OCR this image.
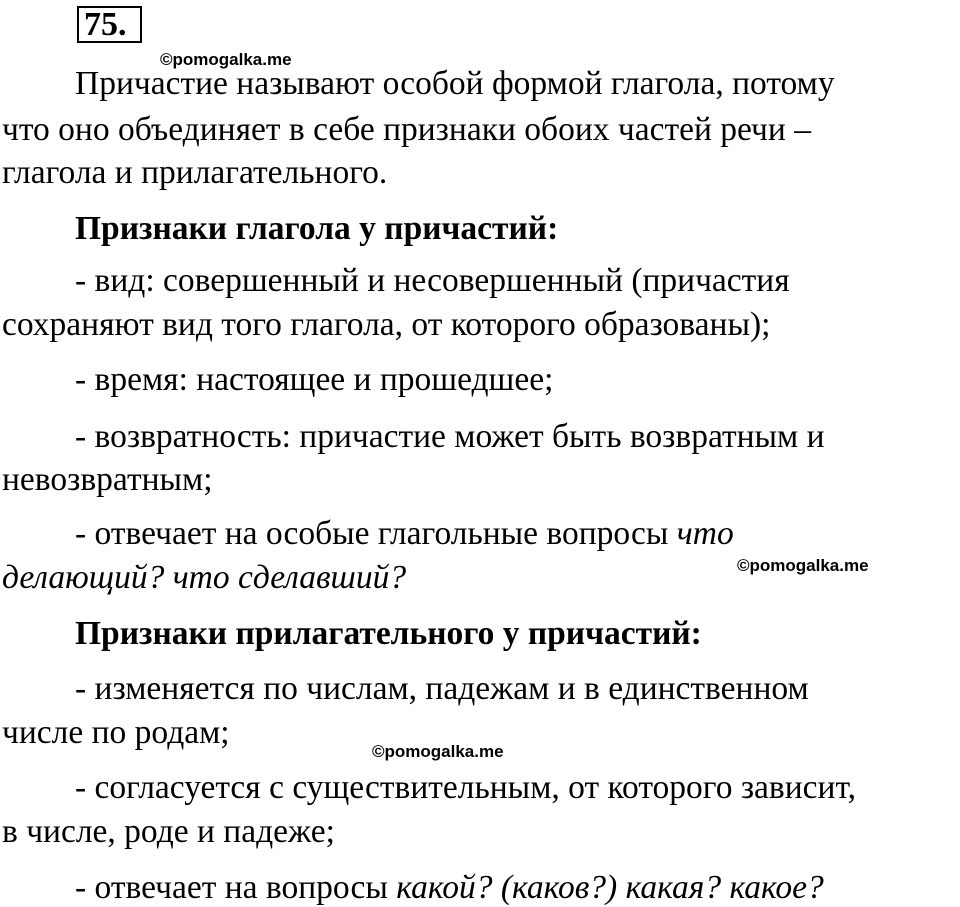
75.
©pomogalka.me
Причастие называют особой формой глагола, потому
что оно объединяет в себе признаки обоих частей речи –
глагола и прилагательного.
Признаки глагола у причастий:
- вид: совершенный и несовершенный (причастия
сохраняют вид того глагола, от которого образованы);
- время: настоящее и прошедшее;
- возвратность: причастие может быть возвратным и
невозвратным;
- отвечает на особые глагольные вопросы что
делающий? что сделавший?	©pomogalka.me
Признаки прилагательного у причастий:
- изменяется по числам, падежам и в единственном
числе по родам;
©pomogalka.me
- согласуется с существительным, от которого зависит,
в числе, роде и падеже;
- отвечает на вопросы какой? (каков?) какая? какое?
